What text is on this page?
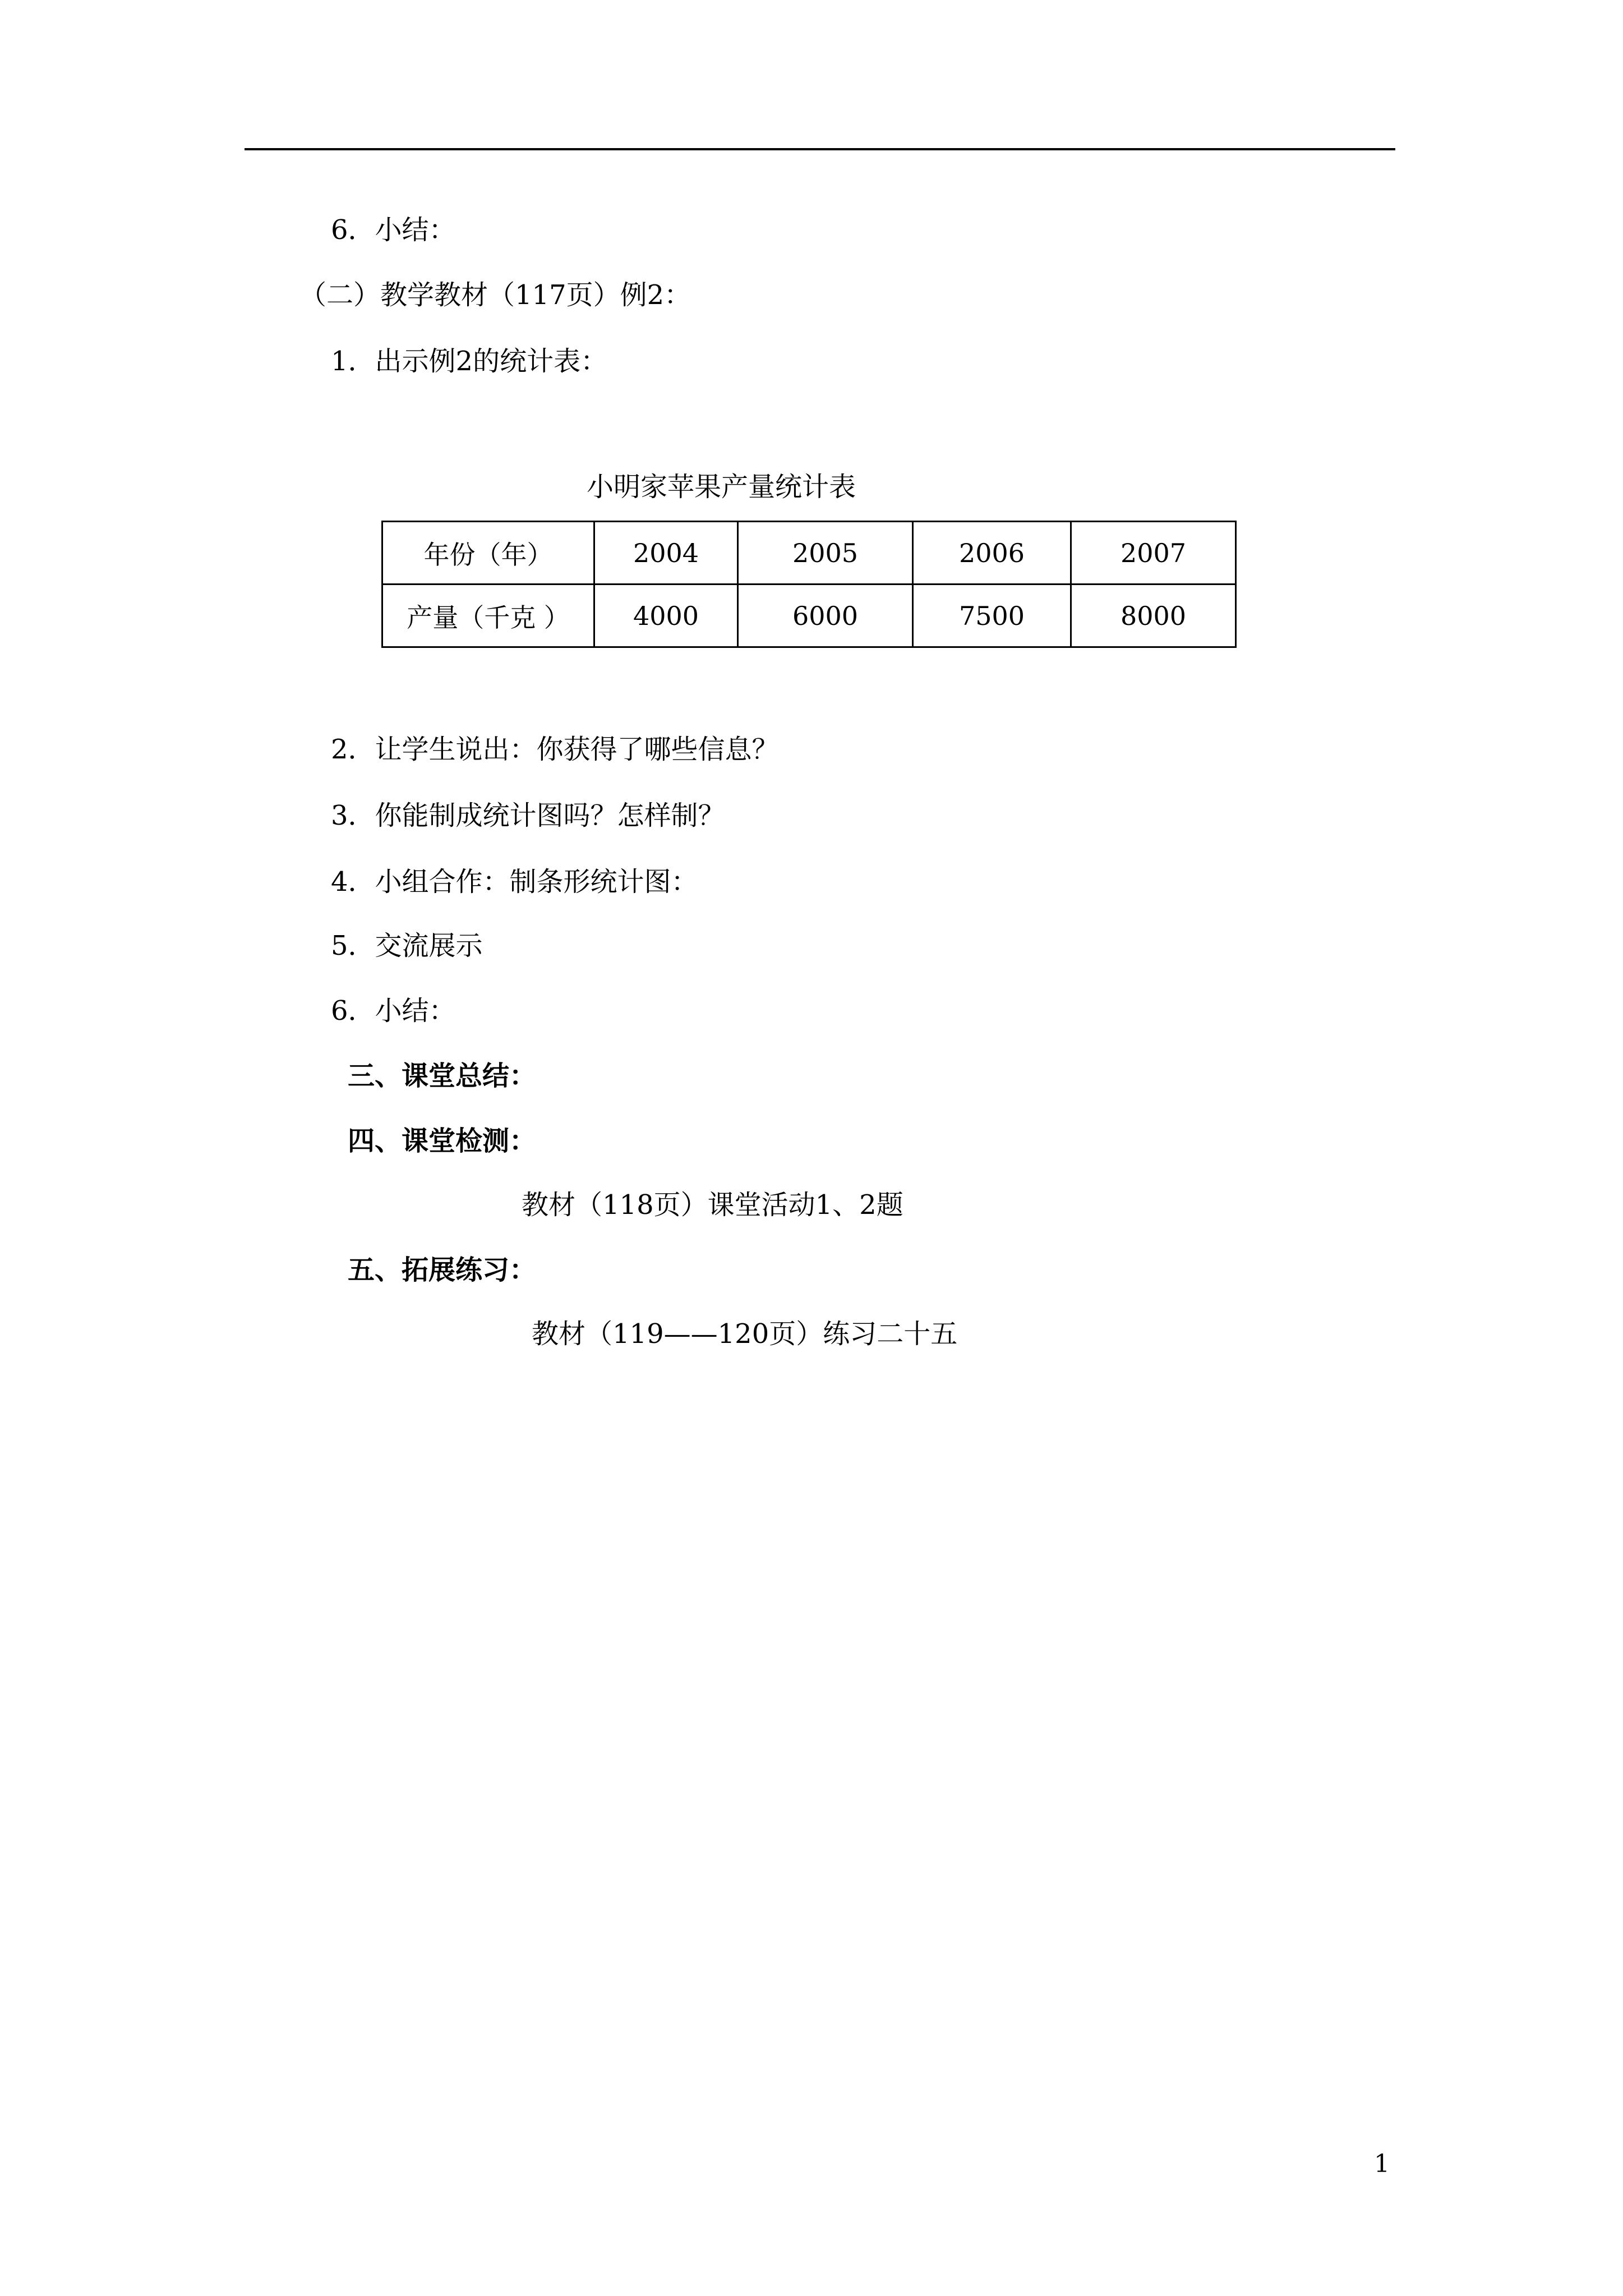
6．小结：
（二）教学教材（117页）例2：
1．出示例2的统计表：
小明家苹果产量统计表
年份（年）	2004	2005	2006	2007
产量（千克 ）	4000	6000	7500	8000
2．让学生说出：你获得了哪些信息？
3．你能制成统计图吗？怎样制？
4．小组合作：制条形统计图：
5．交流展示
6．小结：
三、课堂总结：
四、课堂检测：
教材（118页）课堂活动1、2题
五、拓展练习：
教材（119——120页）练习二十五
1
